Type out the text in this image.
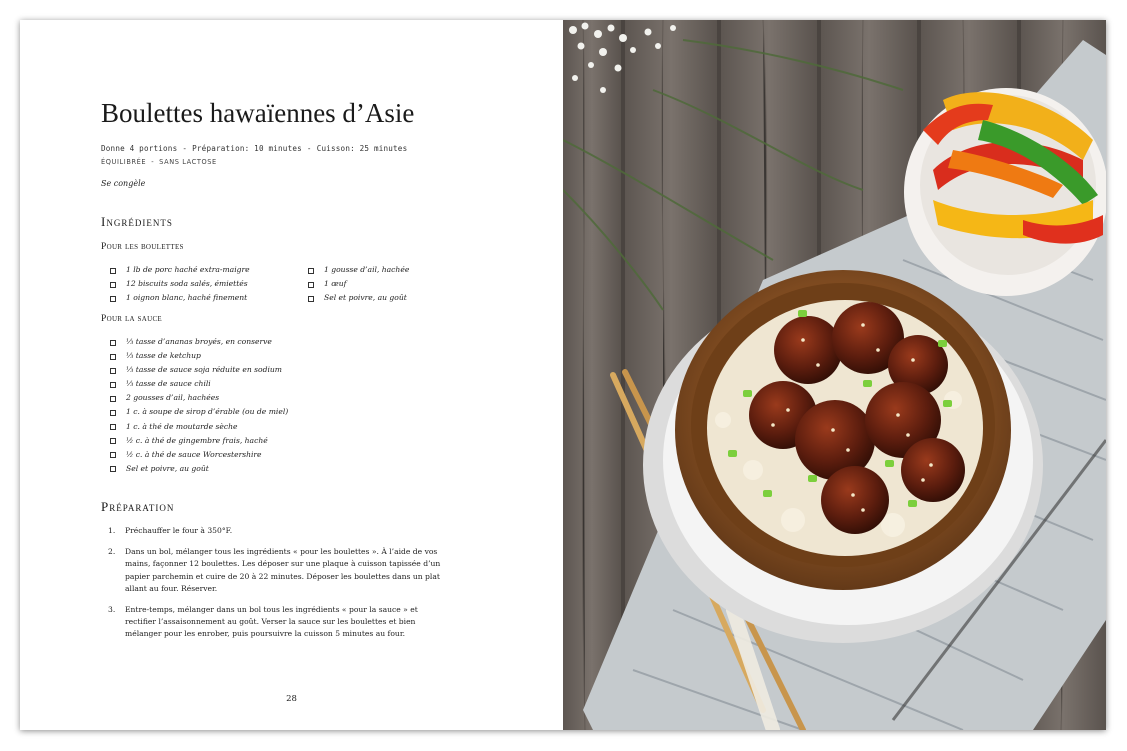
Boulettes hawaïennes d’Asie
Donne 4 portions - Préparation: 10 minutes - Cuisson: 25 minutes
ÉQUILIBRÉE - SANS LACTOSE
Se congèle
Ingrédients
Pour les boulettes
1 lb de porc haché extra-maigre
12 biscuits soda salés, émiettés
1 oignon blanc, haché finement
1 gousse d’ail, hachée
1 œuf
Sel et poivre, au goût
Pour la sauce
⅓ tasse d’ananas broyés, en conserve
⅓ tasse de ketchup
⅓ tasse de sauce soja réduite en sodium
⅓ tasse de sauce chili
2 gousses d’ail, hachées
1 c. à soupe de sirop d’érable (ou de miel)
1 c. à thé de moutarde sèche
½ c. à thé de gingembre frais, haché
½ c. à thé de sauce Worcestershire
Sel et poivre, au goût
Préparation
1. Préchauffer le four à 350°F.
2. Dans un bol, mélanger tous les ingrédients « pour les boulettes ». À l’aide de vos mains, façonner 12 boulettes. Les déposer sur une plaque à cuisson tapissée d’un papier parchemin et cuire de 20 à 22 minutes. Déposer les boulettes dans un plat allant au four. Réserver.
3. Entre-temps, mélanger dans un bol tous les ingrédients « pour la sauce » et rectifier l’assaisonnement au goût. Verser la sauce sur les boulettes et bien mélanger pour les enrober, puis poursuivre la cuisson 5 minutes au four.
28
